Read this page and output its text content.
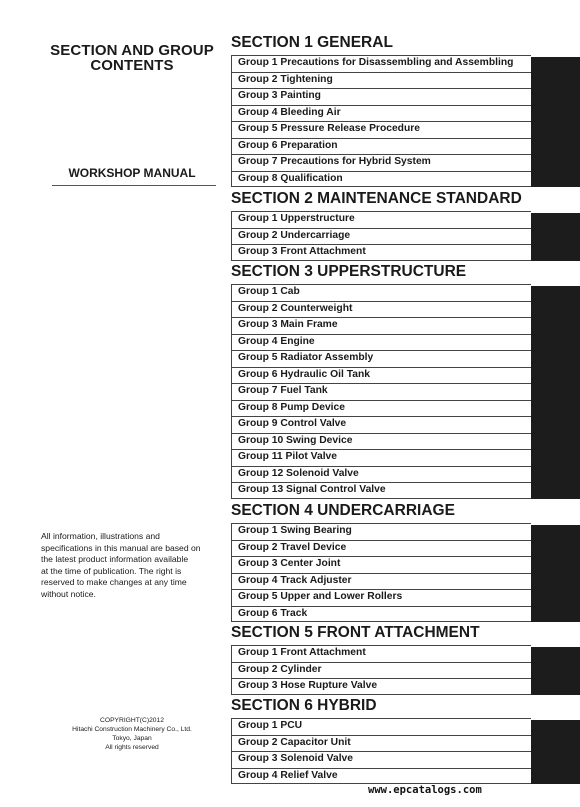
SECTION AND GROUP
CONTENTS
WORKSHOP MANUAL
All information, illustrations and
specifications in this manual are based on
the latest product information available
at the time of publication. The right is
reserved to make changes at any time
without notice.
COPYRIGHT(C)2012
Hitachi Construction Machinery Co., Ltd.
Tokyo, Japan
All rights reserved
SECTION 1 GENERAL
Group 1 Precautions for Disassembling and Assembling
Group 2 Tightening
Group 3 Painting
Group 4 Bleeding Air
Group 5 Pressure Release Procedure
Group 6 Preparation
Group 7 Precautions for Hybrid System
Group 8 Qualification
SECTION 2 MAINTENANCE STANDARD
Group 1 Upperstructure
Group 2 Undercarriage
Group 3 Front Attachment
SECTION 3 UPPERSTRUCTURE
Group 1 Cab
Group 2 Counterweight
Group 3 Main Frame
Group 4 Engine
Group 5 Radiator Assembly
Group 6 Hydraulic Oil Tank
Group 7 Fuel Tank
Group 8 Pump Device
Group 9 Control Valve
Group 10 Swing Device
Group 11 Pilot Valve
Group 12 Solenoid Valve
Group 13 Signal Control Valve
SECTION 4 UNDERCARRIAGE
Group 1 Swing Bearing
Group 2 Travel Device
Group 3 Center Joint
Group 4 Track Adjuster
Group 5 Upper and Lower Rollers
Group 6 Track
SECTION 5 FRONT ATTACHMENT
Group 1 Front Attachment
Group 2 Cylinder
Group 3 Hose Rupture Valve
SECTION 6 HYBRID
Group 1 PCU
Group 2 Capacitor Unit
Group 3 Solenoid Valve
Group 4 Relief Valve
www.epcatalogs.com
